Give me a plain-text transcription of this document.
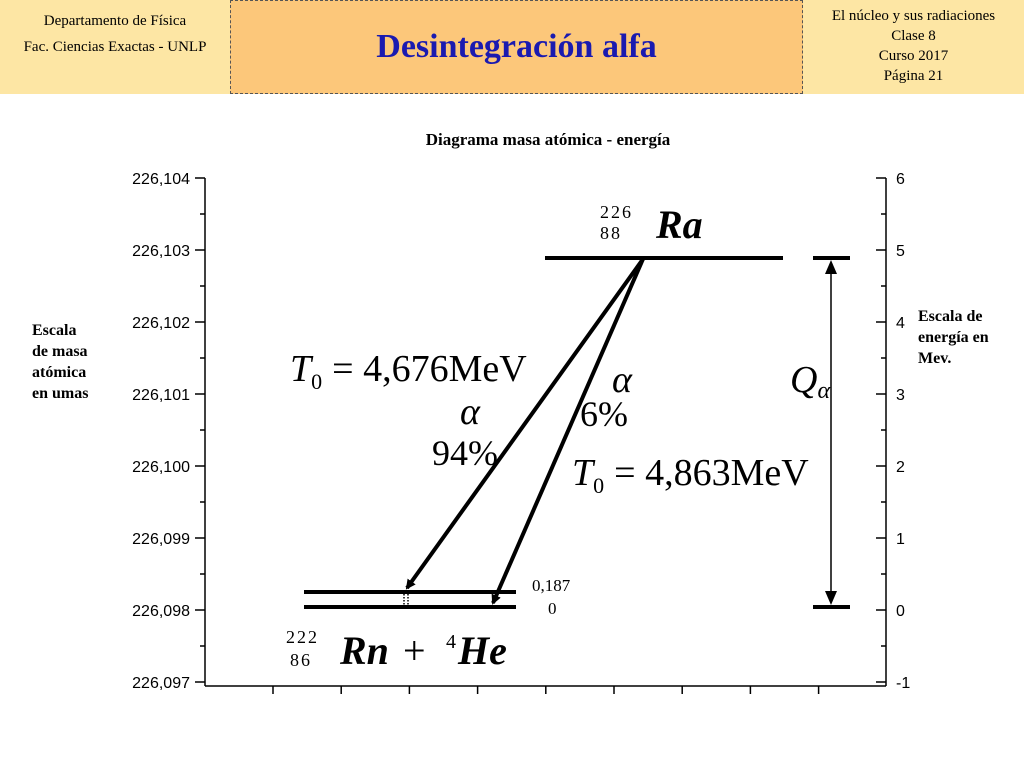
Departamento de Física
Fac. Ciencias Exactas - UNLP	Desintegración alfa
El núcleo y sus radiaciones
Clase 8
Curso 2017
Página 21
Diagrama masa atómica - energía
Escala
de masa
atómica
en umas
Escala de
energía en
Mev.
226,104	6
226,103	5
226,102	4
226,101	3
226,100	2
226,099	1
226,098	0
226,097	-1
Qα
226
88 Ra
222
86 Rn + 4 He
$T_0 = 4,676MeV$
α
94%
α
6%
$T_0 = 4,863MeV$
0,187
0
